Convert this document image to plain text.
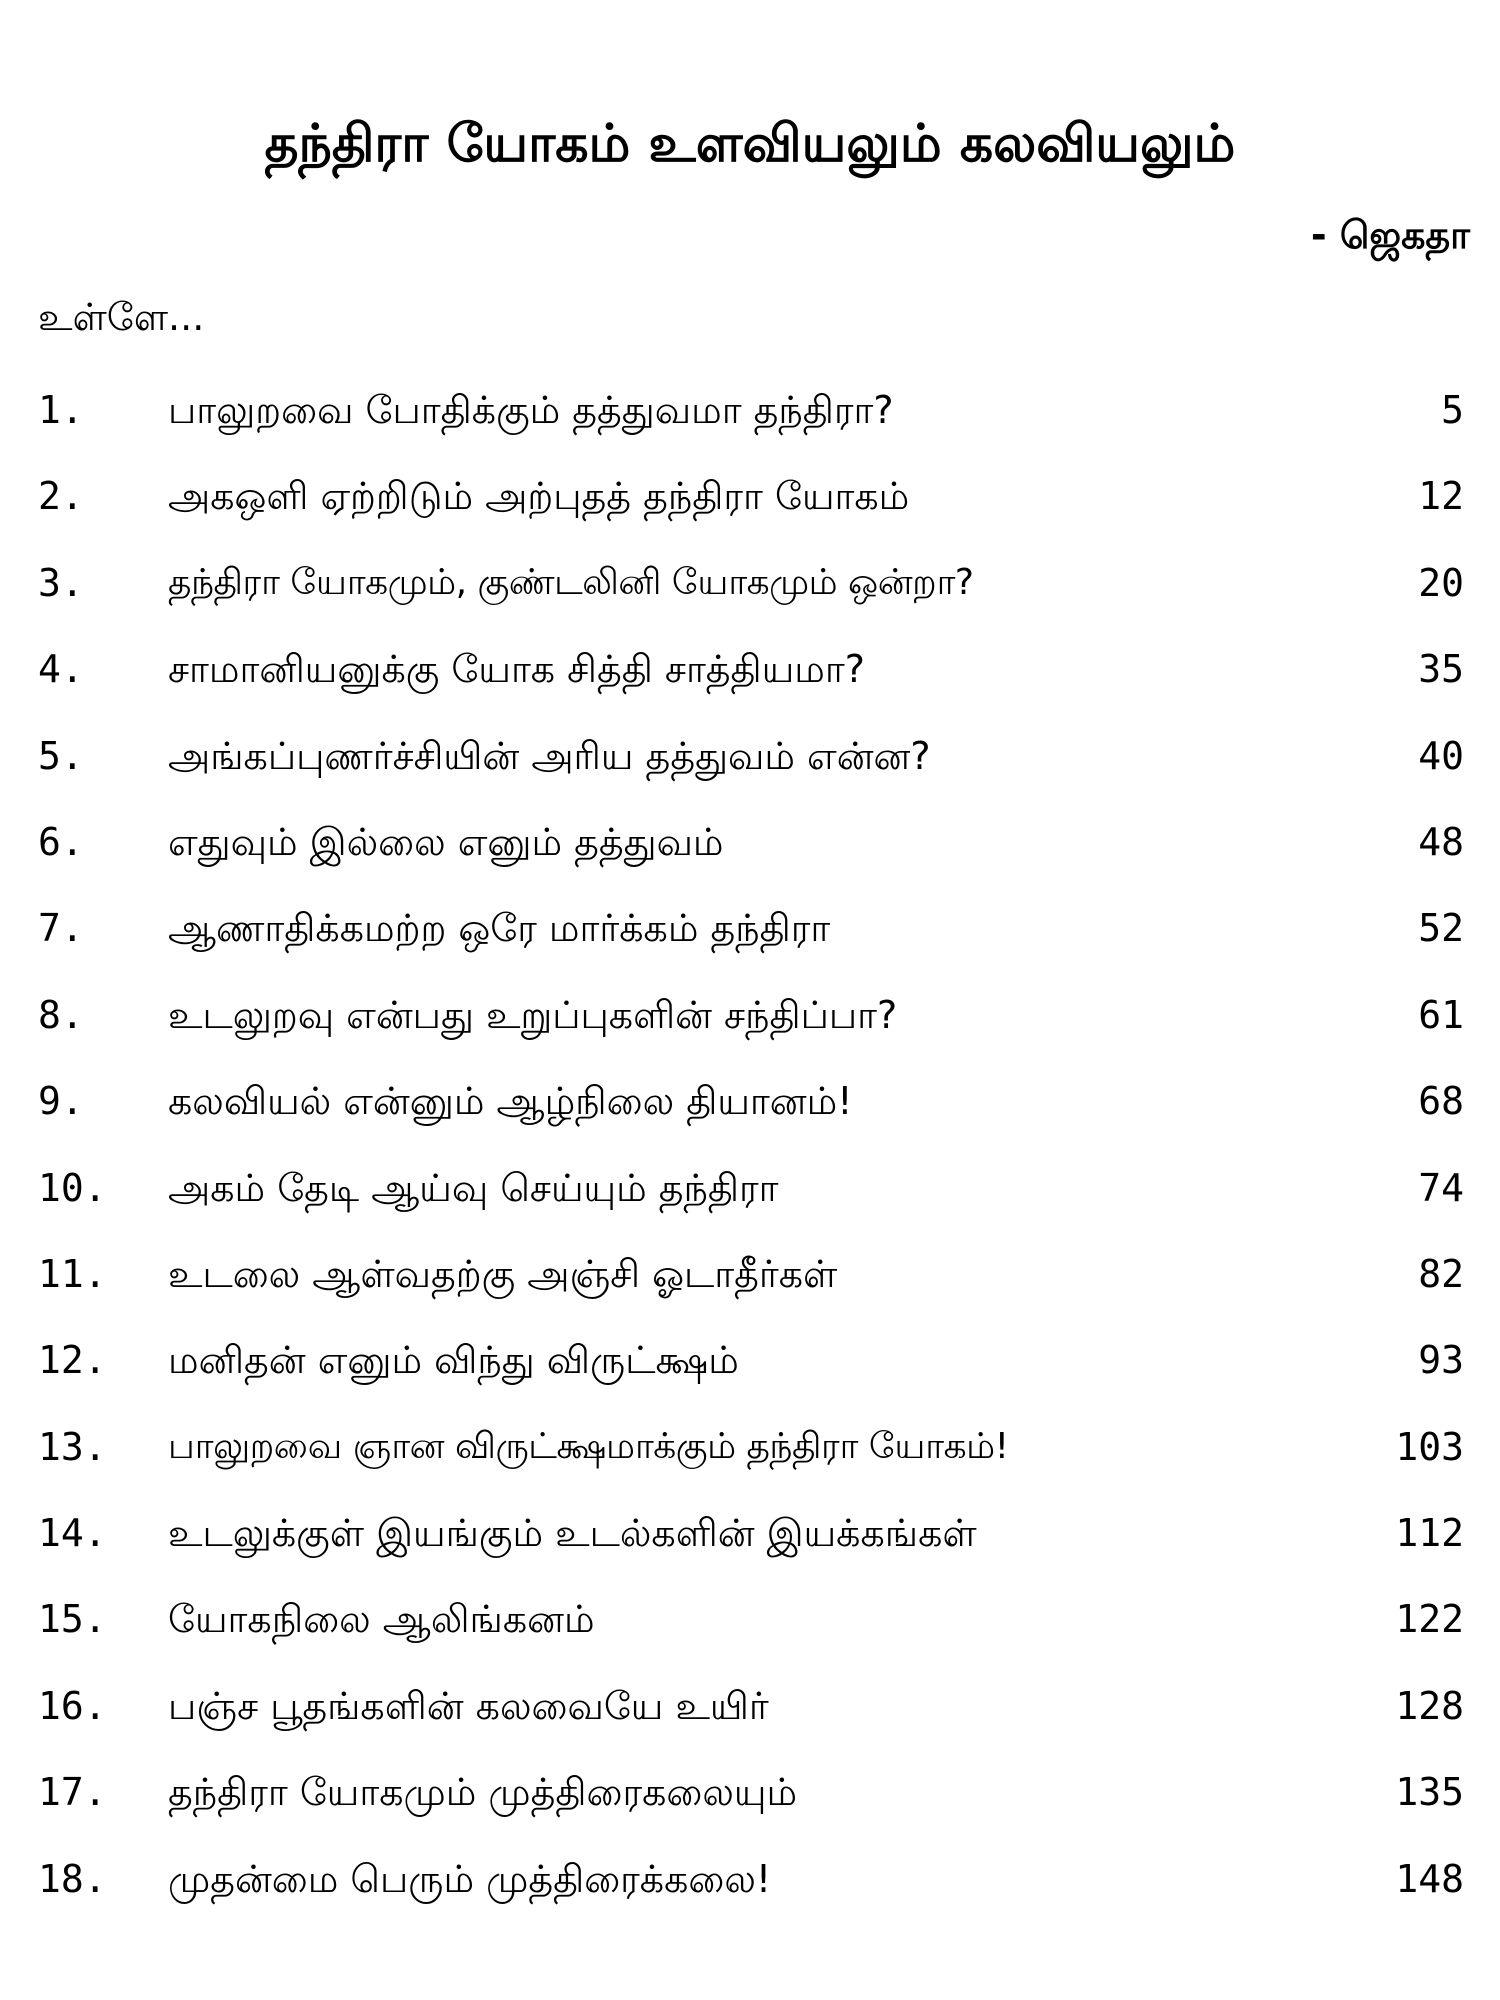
தந்திரா யோகம் உளவியலும் கலவியலும்
- ஜெகதா
உள்ளே...
1. பாலுறவை போதிக்கும் தத்துவமா தந்திரா?	5
2. அகஒளி ஏற்றிடும் அற்புதத் தந்திரா யோகம்	12
3. தந்திரா யோகமும், குண்டலினி யோகமும் ஒன்றா?	20
4. சாமானியனுக்கு யோக சித்தி சாத்தியமா?	35
5. அங்கப்புணர்ச்சியின் அரிய தத்துவம் என்ன?	40
6. எதுவும் இல்லை எனும் தத்துவம்	48
7. ஆணாதிக்கமற்ற ஒரே மார்க்கம் தந்திரா	52
8. உடலுறவு என்பது உறுப்புகளின் சந்திப்பா?	61
9. கலவியல் என்னும் ஆழ்நிலை தியானம்!	68
10. அகம் தேடி ஆய்வு செய்யும் தந்திரா	74
11. உடலை ஆள்வதற்கு அஞ்சி ஓடாதீர்கள்	82
12. மனிதன் எனும் விந்து விருட்க்ஷம்	93
13. பாலுறவை ஞான விருட்க்ஷமாக்கும் தந்திரா யோகம்!	103
14. உடலுக்குள் இயங்கும் உடல்களின் இயக்கங்கள்	112
15. யோகநிலை ஆலிங்கனம்	122
16. பஞ்ச பூதங்களின் கலவையே உயிர்	128
17. தந்திரா யோகமும் முத்திரைகலையும்	135
18. முதன்மை பெரும் முத்திரைக்கலை!	148
